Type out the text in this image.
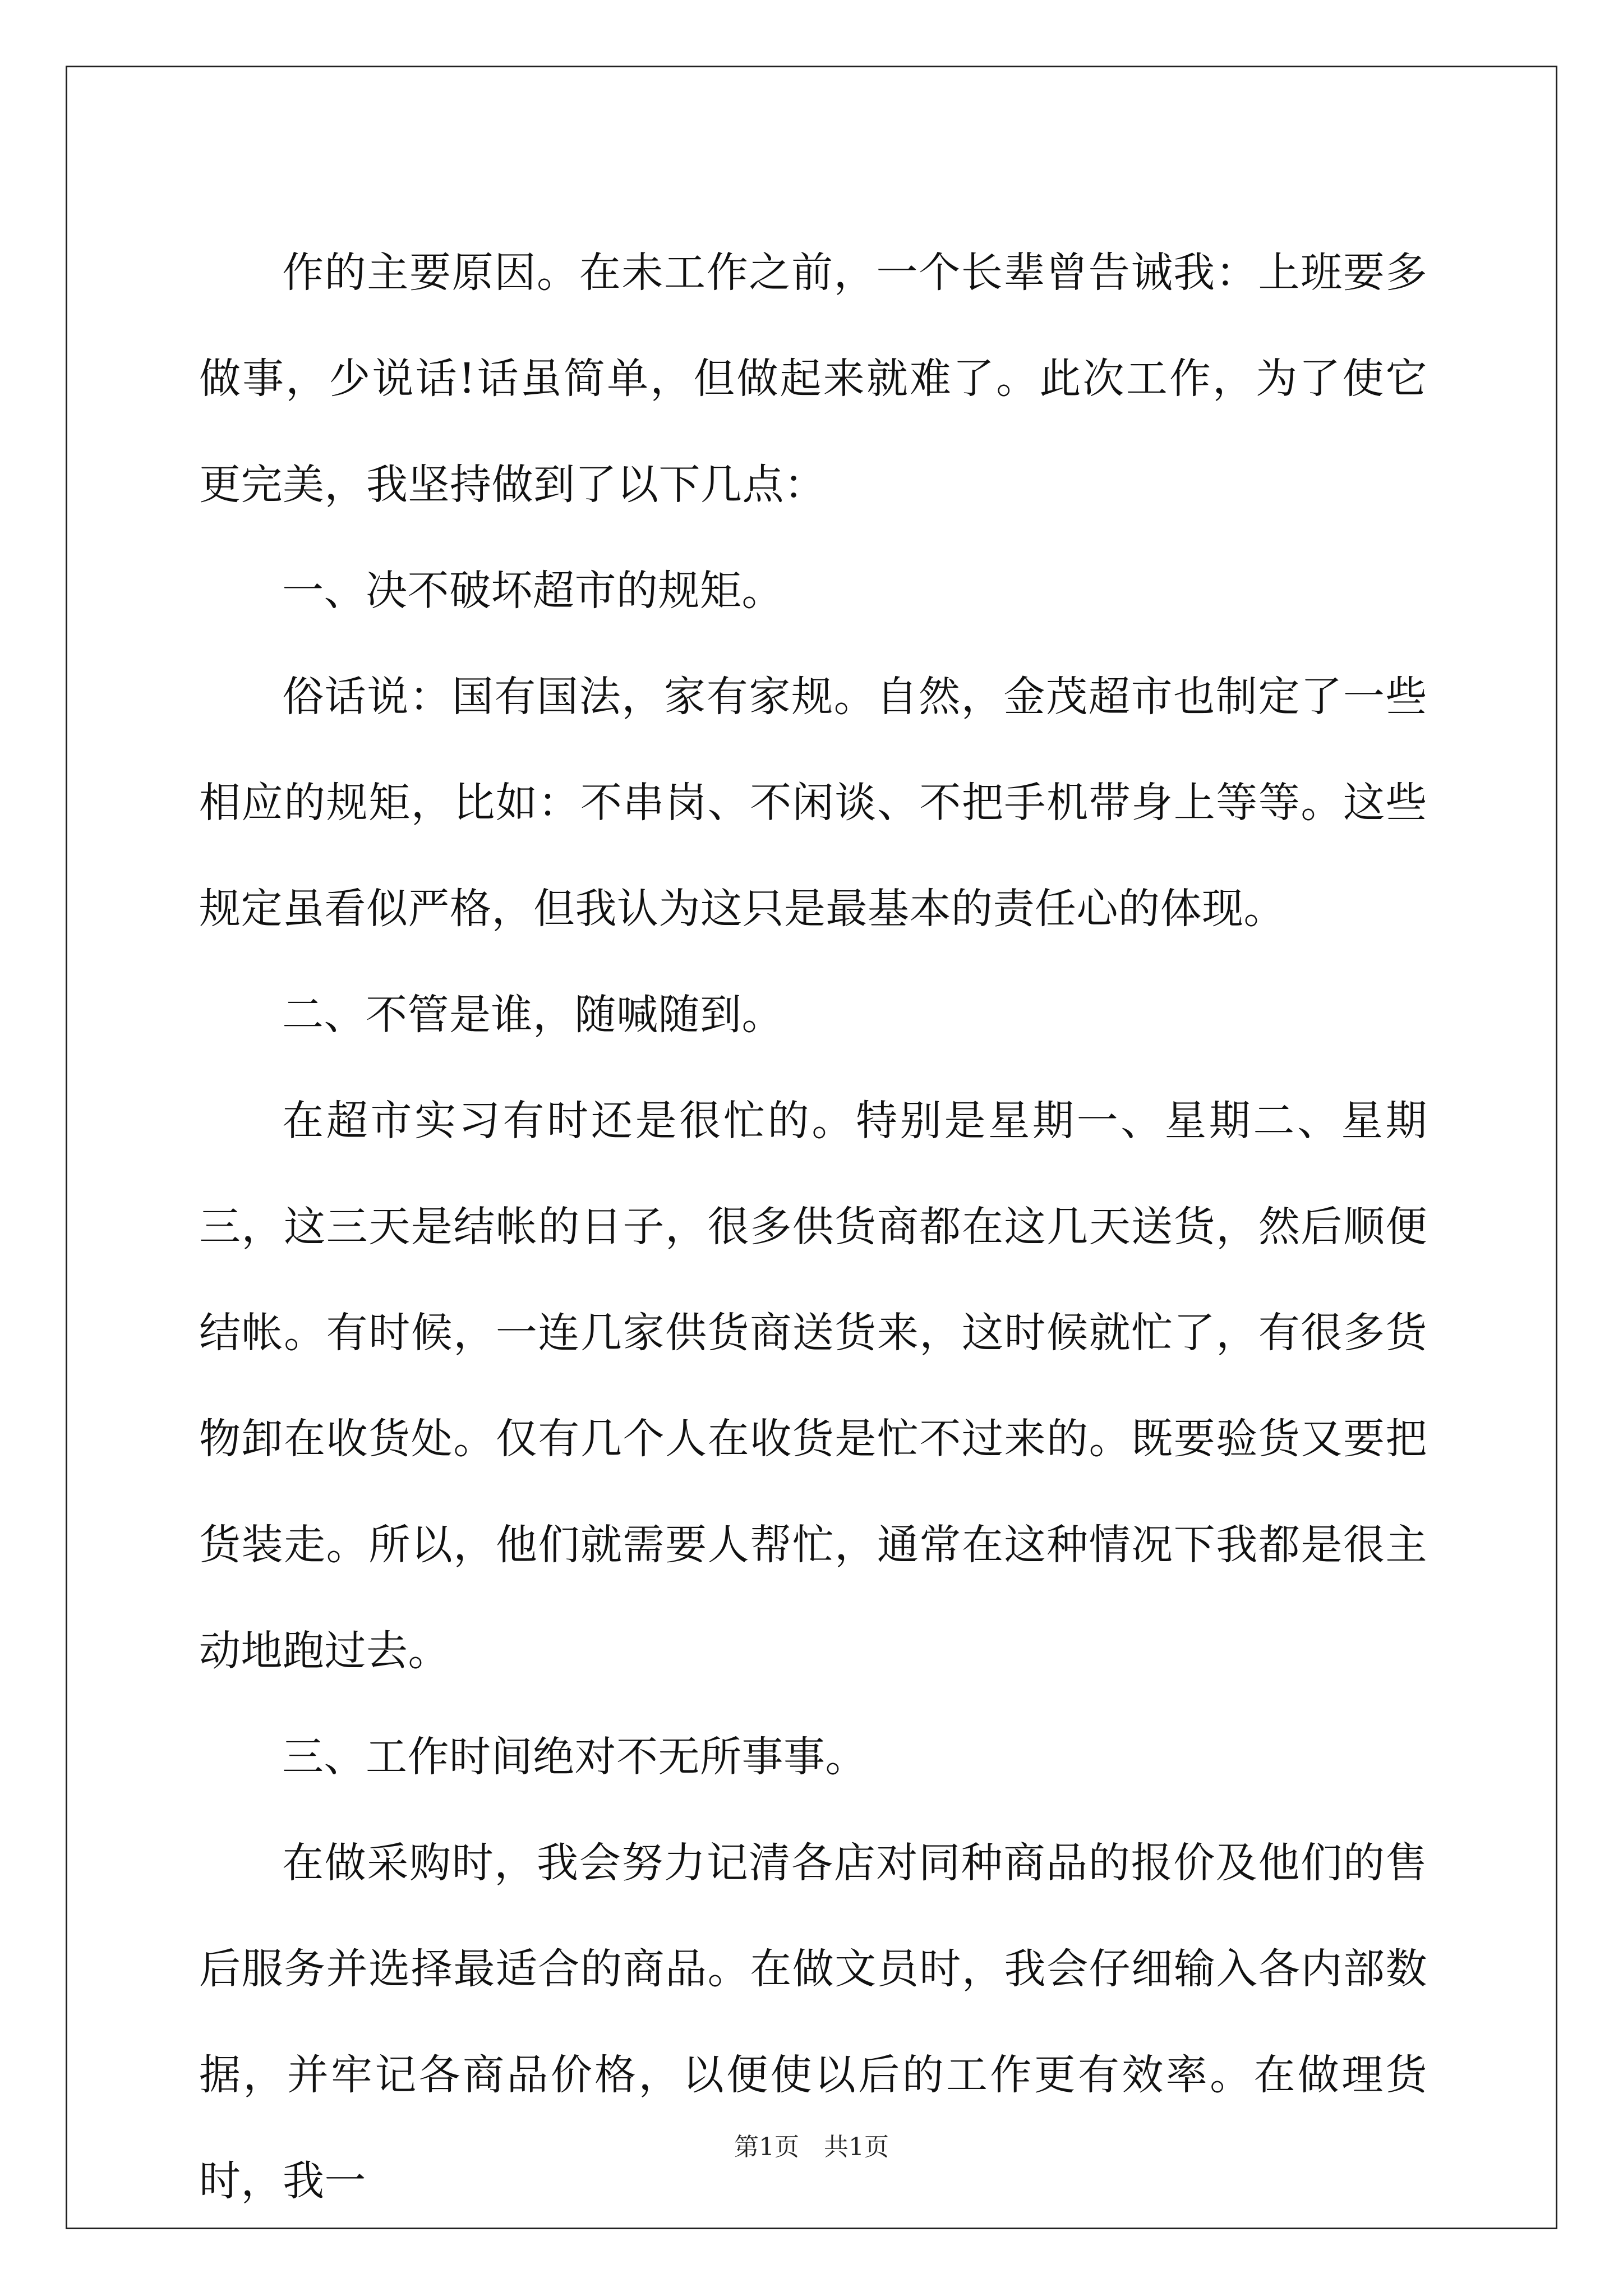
作的主要原因。在未工作之前，一个长辈曾告诫我：上班要多做事，少说话!话虽简单，但做起来就难了。此次工作，为了使它更完美，我坚持做到了以下几点：

一、决不破坏超市的规矩。

俗话说：国有国法，家有家规。自然，金茂超市也制定了一些相应的规矩，比如：不串岗、不闲谈、不把手机带身上等等。这些规定虽看似严格，但我认为这只是最基本的责任心的体现。

二、不管是谁，随喊随到。

在超市实习有时还是很忙的。特别是星期一、星期二、星期三，这三天是结帐的日子，很多供货商都在这几天送货，然后顺便结帐。有时候，一连几家供货商送货来，这时候就忙了，有很多货物卸在收货处。仅有几个人在收货是忙不过来的。既要验货又要把货装走。所以，他们就需要人帮忙，通常在这种情况下我都是很主动地跑过去。

三、工作时间绝对不无所事事。

在做采购时，我会努力记清各店对同种商品的报价及他们的售后服务并选择最适合的商品。在做文员时，我会仔细输入各内部数据，并牢记各商品价格，以便使以后的工作更有效率。在做理货时，我一

第1页　共1页
